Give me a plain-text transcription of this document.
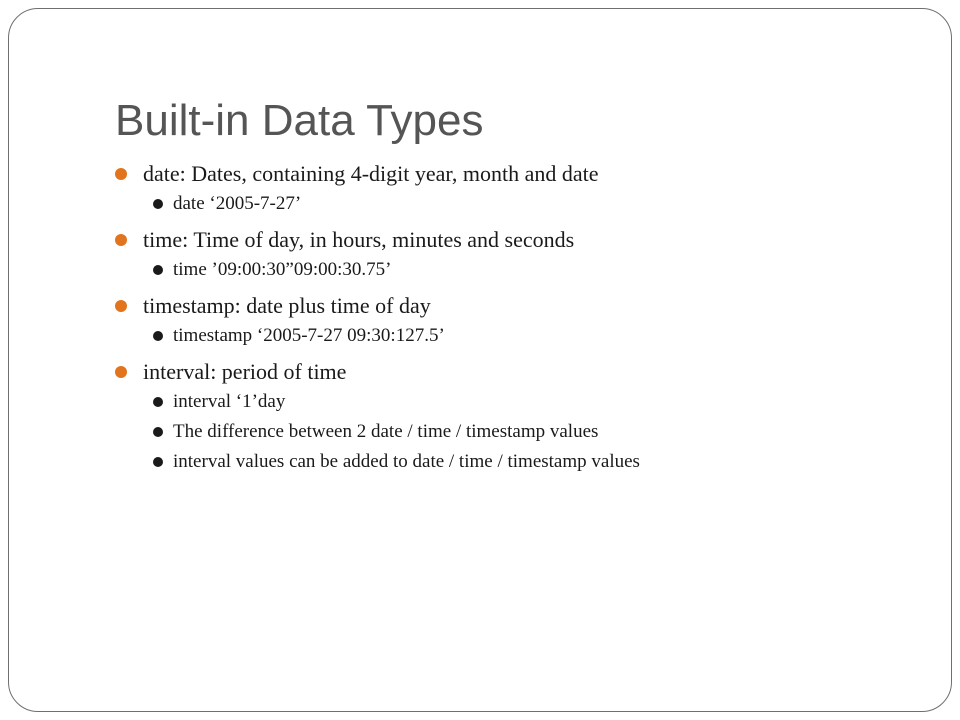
Built-in Data Types
date: Dates, containing 4-digit year, month and date
date ‘2005-7-27’
time: Time of day, in hours, minutes and seconds
time ’09:00:30”09:00:30.75’
timestamp: date plus time of day
timestamp ‘2005-7-27 09:30:127.5’
interval: period of time
interval ‘1’day
The difference between 2 date / time / timestamp values
interval values can be added to date / time / timestamp values
